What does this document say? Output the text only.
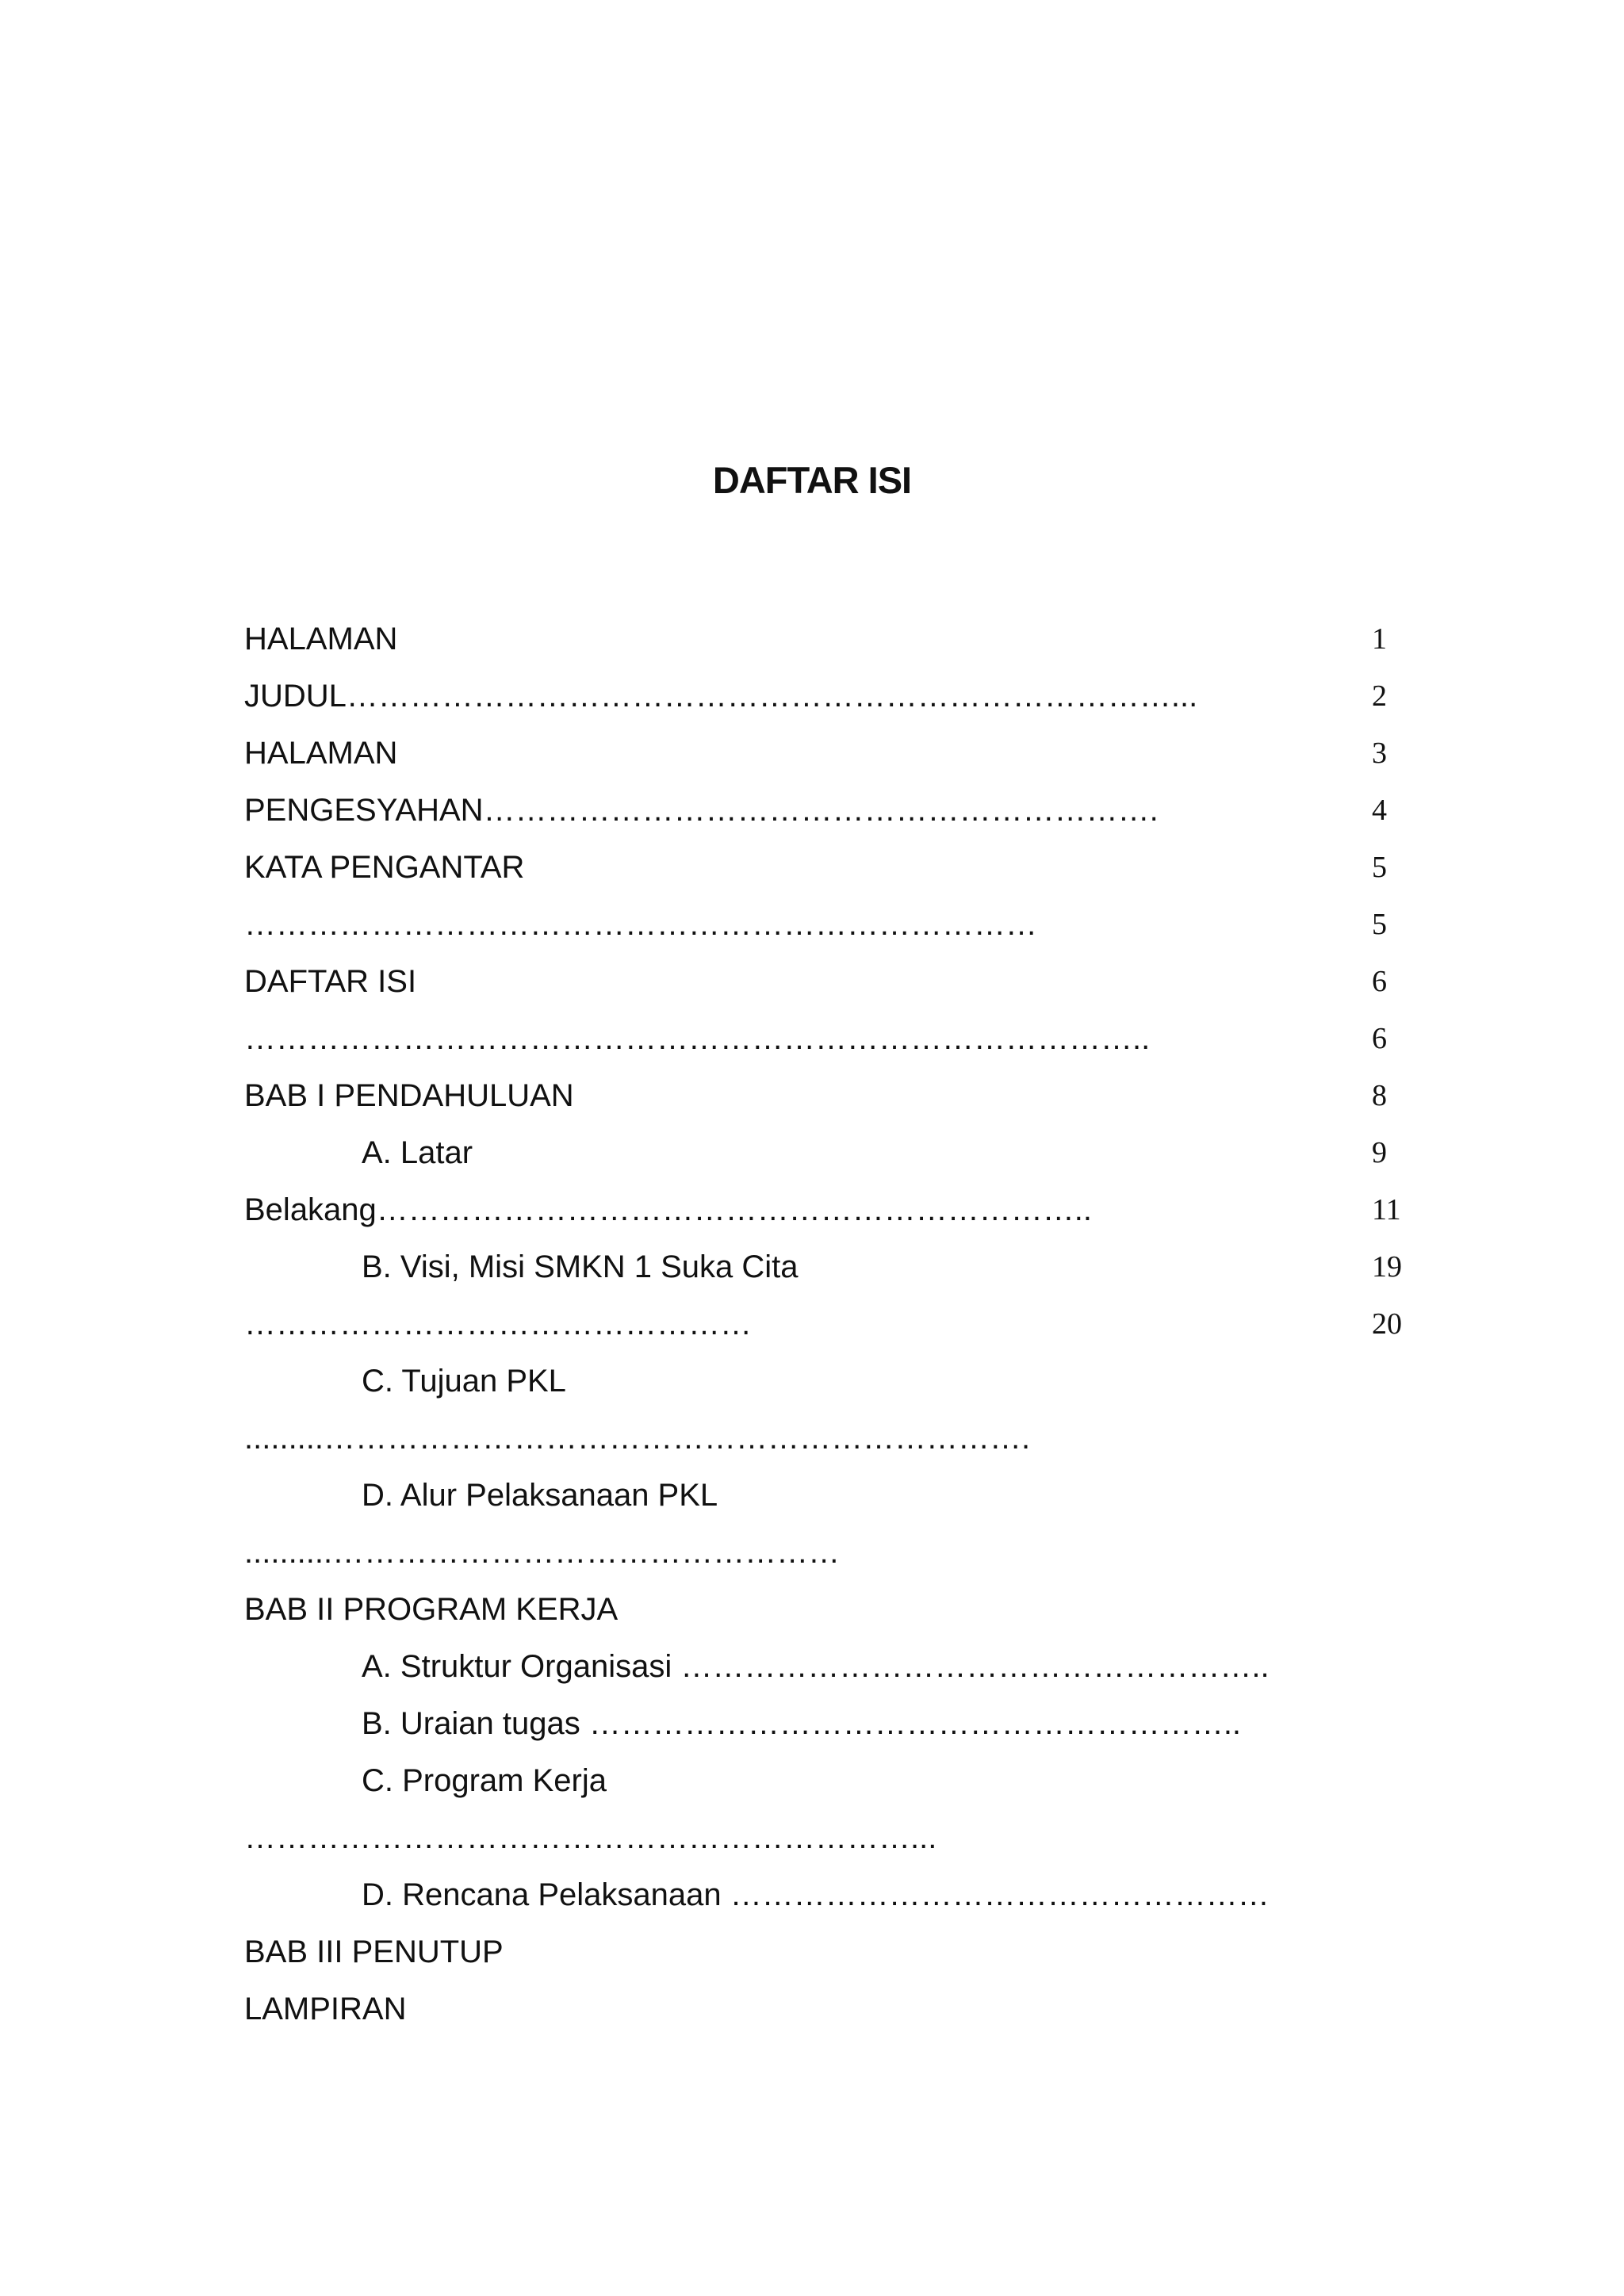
DAFTAR ISI
HALAMAN
JUDUL……………………………………………………………………...
HALAMAN
PENGESYAHAN……………………………………………………….
KATA PENGANTAR
…………………………………………………………………
DAFTAR ISI
…………………………………………………………………………..
BAB I PENDAHULUAN
A. Latar
Belakang…………………………………………………………..
B. Visi, Misi SMKN 1 Suka Cita
…………………………………………
C. Tujuan PKL
.........………………………………………………………….
D. Alur Pelaksanaan PKL
..........…………………………………………
BAB II PROGRAM KERJA
A. Struktur Organisasi ………………………………………………..
B. Uraian tugas ……………………………………………………..
C. Program Kerja
………………………………………………………...
D. Rencana Pelaksanaan ……………………………………………
BAB III PENUTUP
LAMPIRAN
1
2
3
4
5
5
6
6
8
9
11
19
20
